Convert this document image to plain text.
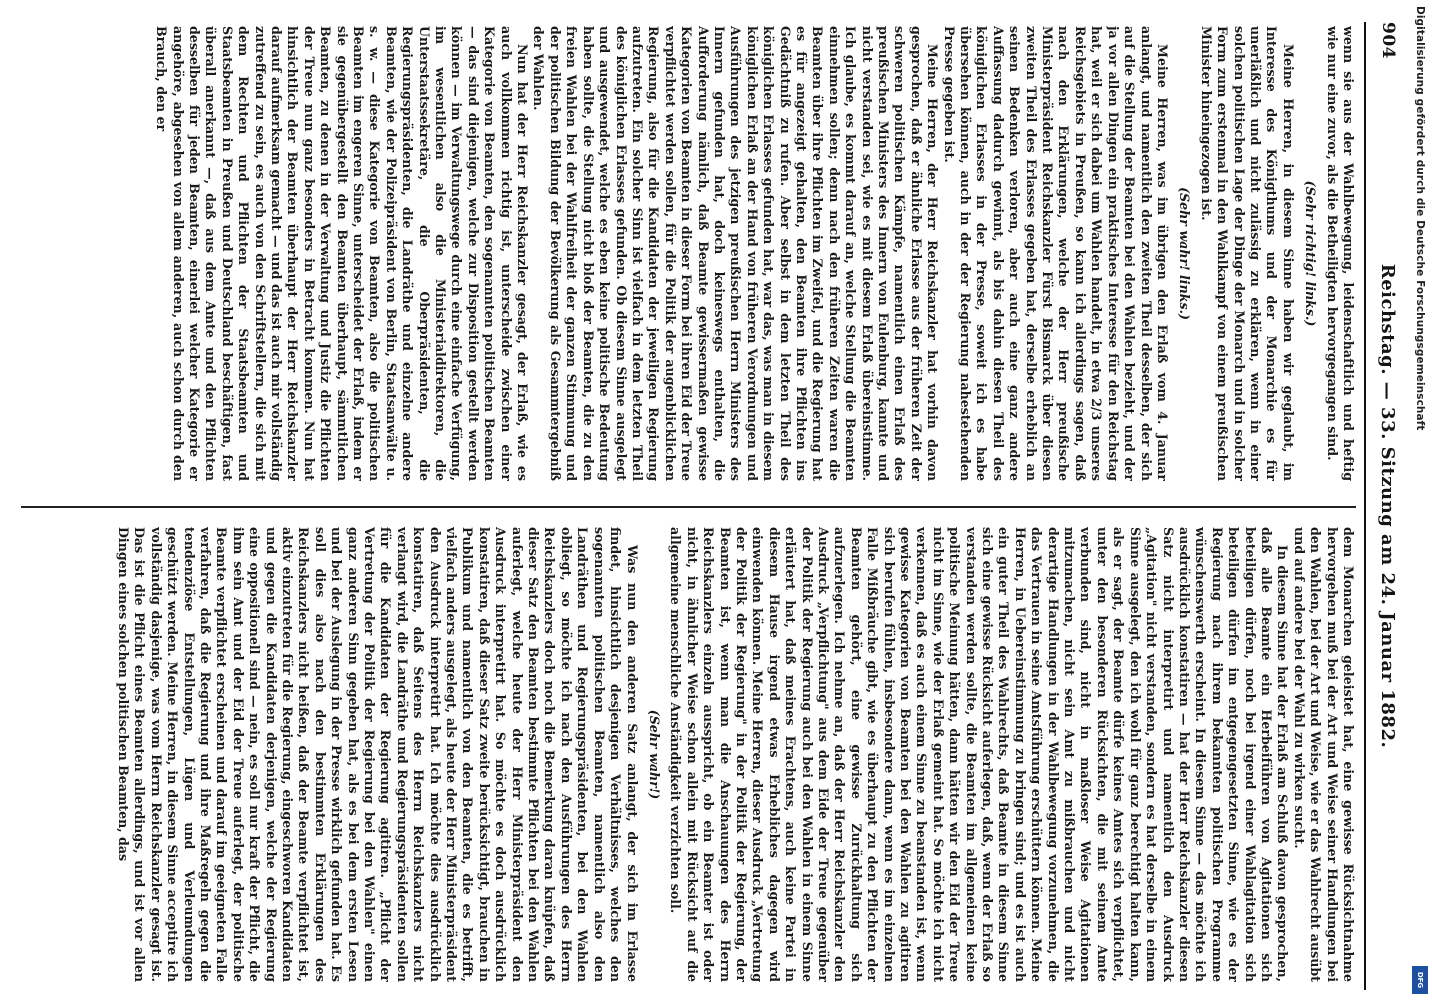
904
Reichstag. — 33. Sitzung am 24. Januar 1882.

wenn sie aus der Wahlbewegung, leidenschaftlich und heftig wie nur eine zuvor, als die Betheiligten hervorgegangen sind.

(Sehr richtig! links.)

Meine Herren, in diesem Sinne haben wir geglaubt, im Interesse des Königthums und der Monarchie es für unerläßlich und nicht zulässig zu erklären, wenn in einer solchen politischen Lage der Dinge der Monarch und in solcher Form zum erstenmal in den Wahlkampf von einem preußischen Minister hineingezogen ist.

(Sehr wahr! links.)

Meine Herren, was im übrigen den Erlaß vom 4. Januar anlangt, und namentlich den zweiten Theil desselben, der sich auf die Stellung der Beamten bei den Wahlen bezieht, und der ja vor allen Dingen ein praktisches Interesse für den Reichstag hat, weil er sich dabei um Wahlen handelt, in etwa 2/3 unseres Reichsgebiets in Preußen, so kann ich allerdings sagen, daß nach den Erklärungen, welche der Herr preußische Ministerpräsident Reichskanzler Fürst Bismarck über diesen zweiten Theil des Erlasses gegeben hat, derselbe erheblich an seinen Bedenken verloren, aber auch eine ganz andere Auffassung dadurch gewinnt, als bis dahin diesen Theil des königlichen Erlasses in der Presse, soweit ich es habe übersehen können, auch in der der Regierung nahestehenden Presse gegeben ist.

Meine Herren, der Herr Reichskanzler hat vorhin davon gesprochen, daß er ähnliche Erlasse aus der früheren Zeit der schweren politischen Kämpfe, namentlich einen Erlaß des preußischen Ministers des Innern von Eulenburg, kannte und nicht verstanden sei, wie es mit diesem Erlaß übereinstimme. Ich glaube, es kommt darauf an, welche Stellung die Beamten einnehmen sollen; denn nach den früheren Zeiten waren die Beamten über ihre Pflichten im Zweifel, und die Regierung hat es für angezeigt gehalten, den Beamten ihre Pflichten ins Gedächtniß zu rufen. Aber selbst in dem letzten Theil des königlichen Erlasses gefunden hat, war das, was man in diesem königlichen Erlaß an der Hand von früheren Verordnungen und Ausführungen des jetzigen preußischen Herrn Ministers des Innern gefunden hat, doch keineswegs enthalten, die Aufforderung nämlich, daß Beamte gewissermaßen gewisse Kategorien von Beamten in dieser Form bei ihren Eid der Treue verpflichtet werden sollen, für die Politik der augenblicklichen Regierung, also für die Kandidaten der jeweiligen Regierung aufzutreten. Ein solcher Sinn ist vielfach in dem letzten Theil des königlichen Erlasses gefunden. Ob diesem Sinne ausgelegt und ausgewendet, welche es eben keine politische Bedeutung haben sollte, die Stellung nicht bloß der Beamten, die zu den freien Wahlen bei der Wahlfreiheit der ganzen Stimmung und der politischen Bildung der Bevölkerung als Gesammtergebniß der Wahlen.

Nun hat der Herr Reichskanzler gesagt, der Erlaß, wie es auch vollkommen richtig ist, unterscheide zwischen einer Kategorie von Beamten, den sogenannten politischen Beamten — das sind diejenigen, welche zur Disposition gestellt werden können — im Verwaltungswege durch eine einfache Verfügung, im wesentlichen also die Ministerialdirektoren, die Unterstaatssekretäre, die Oberpräsidenten, die Regierungspräsidenten, die Landräthe und einzelne andere Beamten, wie der Polizeipräsident von Berlin, Staatsanwälte u. s. w. — diese Kategorie von Beamten, also die politischen Beamten im engeren Sinne, unterscheidet der Erlaß, indem er sie gegenübergestellt den Beamten überhaupt, sämmtlichen Beamten, zu denen in der Verwaltung und Justiz die Pflichten der Treue nun ganz besonders in Betracht kommen. Nun hat hinsichtlich der Beamten überhaupt der Herr Reichskanzler darauf aufmerksam gemacht — und das ist auch mir vollständig zutreffend zu sein, es auch von den Schriftstellern, die sich mit dem Rechten und Pflichten der Staatsbeamten und Staatsbeamten in Preußen und Deutschland beschäftigen, fast überall anerkannt —, daß aus dem Amte und den Pflichten desselben für jeden Beamten, einerlei welcher Kategorie er angehöre, abgesehen von allem anderen, auch schon durch den Brauch, den er

dem Monarchen geleistet hat, eine gewisse Rücksichtnahme hervorgehen muß bei der Art und Weise seiner Handlungen bei den Wahlen, bei der Art und Weise, wie er das Wahlrecht ausübt und auf andere bei der Wahl zu wirken sucht.

In diesem Sinne hat der Erlaß am Schluß davon gesprochen, daß alle Beamte ein Herbeiführen von Agitationen sich beteiligen dürfen, noch bei irgend einer Wahlagitation sich beteiligen dürfen im entgegengesetzten Sinne, wie es der Regierung nach ihrem bekannten politischen Programme wünschenswerth erscheint. In diesem Sinne — das möchte ich ausdrücklich konstatiren — hat der Herr Reichskanzler diesen Satz nicht interpretirt und namentlich den Ausdruck „Agitation" nicht verstanden, sondern es hat derselbe in einem Sinne ausgelegt, den ich wohl für ganz berechtigt halten kann, als er sagt, der Beamte dürfe keines Amtes sich verpflichtet, unter den besonderen Rücksichten, die mit seinem Amte verbunden sind, nicht in maßloser Weise Agitationen mitzumachen, nicht sein Amt zu mißbrauchen und nicht derartige Handlungen in der Wahlbewegung vorzunehmen, die das Vertrauen in seine Amtsführung erschüttern können. Meine Herren, in Uebereinstimmung zu bringen sind; und es ist auch ein guter Theil des Wahlrechts, daß Beamte in diesem Sinne sich eine gewisse Rücksicht auferlegen, daß, wenn der Erlaß so verstanden werden sollte, die Beamten im allgemeinen keine politische Meinung hätten, dann hätten wir den Eid der Treue nicht im Sinne, wie der Erlaß gemeint hat. So möchte ich nicht verkennen, daß es auch einem Sinne zu beanstanden ist, wenn gewisse Kategorien von Beamten bei den Wahlen zu agitiren sich berufen fühlen, insbesondere dann, wenn es im einzelnen Falle Mißbräuche gibt, wie es überhaupt zu den Pflichten der Beamten gehört, eine gewisse Zurückhaltung sich aufzuerlegen. Ich nehme an, daß der Herr Reichskanzler den Ausdruck „Verpflichtung" aus dem Eide der Treue gegenüber der Politik der Regierung auch bei den Wahlen in einem Sinne erläutert hat, daß meines Erachtens, auch keine Partei in diesem Hause irgend etwas Erhebliches dagegen wird einwenden können. Meine Herren, dieser Ausdruck „Vertretung der Politik der Regierung" in der Politik der Regierung, der Beamten ist, wenn man die Anschauungen des Herrn Reichskanzlers einzeln ausspricht, ob ein Beamter ist oder nicht, in ähnlicher Weise schon allein mit Rücksicht auf die allgemeine menschliche Anständigkeit verzichten soll.

(Sehr wahr!)

Was nun den anderen Satz anlangt, der sich im Erlasse findet, hinsichtlich desjenigen Verhältnisses, welches den sogenannten politischen Beamten, namentlich also den Landräthen und Regierungspräsidenten, bei den Wahlen obliegt, so möchte ich nach den Ausführungen des Herrn Reichskanzlers doch noch die Bemerkung daran knüpfen, daß dieser Satz den Beamten bestimmte Pflichten bei den Wahlen auferlegt, welche heute der Herr Ministerpräsident den Ausdruck interpretirt hat. So möchte es doch ausdrücklich konstatiren, daß dieser Satz zweite berücksichtigt, brauchen in Publikum und namentlich von den Beamten, die es betrifft, vielfach anders ausgelegt, als heute der Herr Ministerpräsident den Ausdruck interpretirt hat. Ich möchte dies ausdrücklich konstatiren, daß Seitens des Herrn Reichskanzlers nicht verlangt wird, die Landräthe und Regierungspräsidenten sollen für die Kandidaten der Regierung agitiren. „Pflicht der Vertretung der Politik der Regierung bei den Wahlen" einen ganz anderen Sinn gegeben hat, als es bei dem ersten Lesen und bei der Auslegung in der Presse wirklich gefunden hat. Es soll dies also nach den bestimmten Erklärungen des Reichskanzlers nicht heißen, daß der Beamte verpflichtet ist, aktiv einzutreten für die Regierung, eingeschworen Kandidaten und gegen die Kandidaten derjenigen, welche der Regierung eine oppositionell sind — nein, es soll nur kraft der Pflicht, die ihm sein Amt und der Eid der Treue auferlegt, der politische Beamte verpflichtet erscheinen und darauf im geeigneten Falle verfahren, daß die Regierung und ihre Maßregeln gegen die tendenziöse Entstellungen, Lügen und Verleumdungen geschützt werden. Meine Herren, in diesem Sinne acceptire ich vollständig dasjenige, was vom Herrn Reichskanzler gesagt ist. Das ist die Pflicht eines Beamten allerdings, und ist vor allen Dingen eines solchen politischen Beamten, das

Digitalisierung gefördert durch die Deutsche Forschungsgemeinschaft
DFG
